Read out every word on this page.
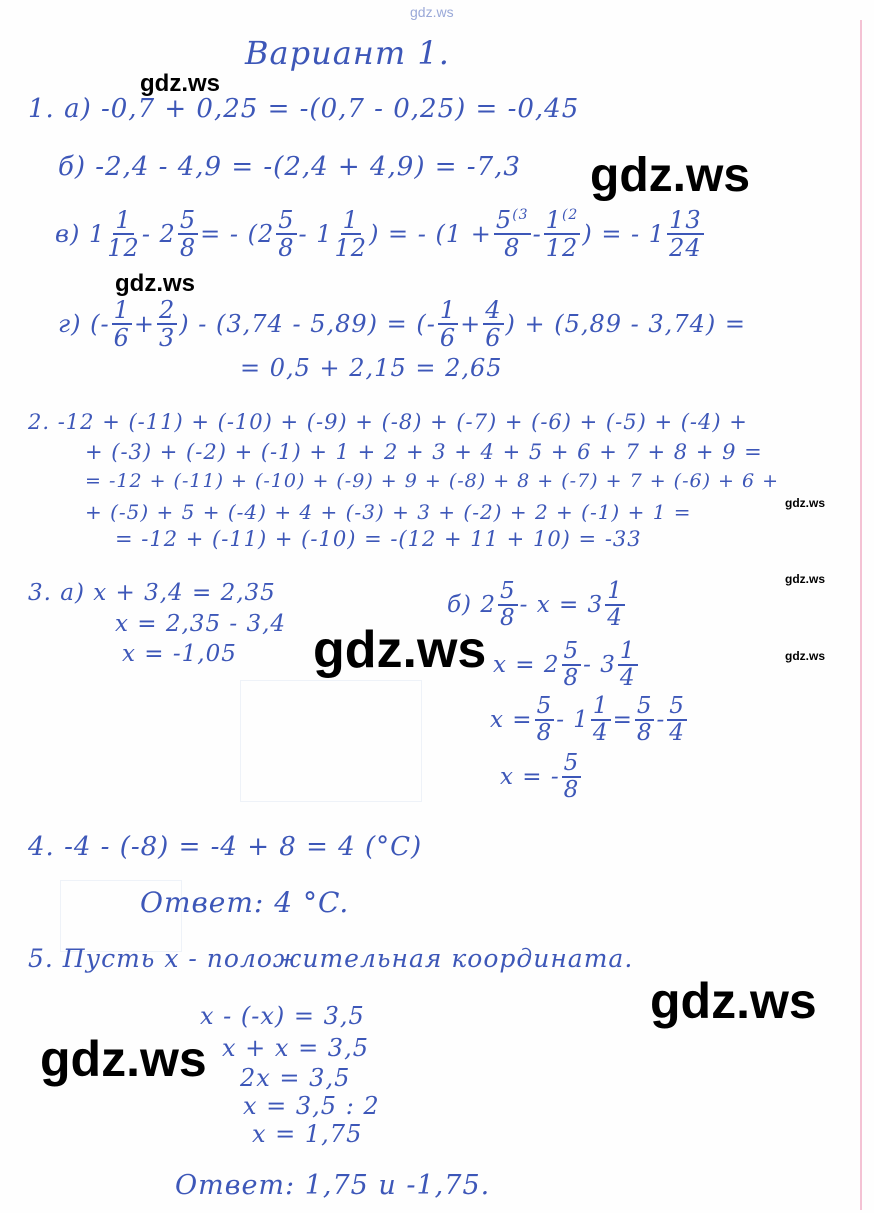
gdz.ws
gdz.ws
gdz.ws
gdz.ws
gdz.ws
gdz.ws
gdz.ws
gdz.ws
gdz.ws
gdz.ws
Вариант 1.
1. а) -0,7 + 0,25 = -(0,7 - 0,25) = -0,45
б) -2,4 - 4,9 = -(2,4 + 4,9) = -7,3
в)
$1 \frac{1}{12} - 2 \frac{5}{8}$ = - ($2 \frac{5}{8} - 1 \frac{1}{12}$ ) = - ($1 + \frac{5^{(3}}{8} - \frac{1^{(2}}{12}$ ) = - $1 \frac{13}{24}$
г)
(- $\frac{1}{6} + \frac{2}{3}$ ) - (3,74 - 5,89) = (- $\frac{1}{6} + \frac{4}{6}$ ) + (5,89 - 3,74) =
= 0,5 + 2,15 = 2,65
2. -12 + (-11) + (-10) + (-9) + (-8) + (-7) + (-6) + (-5) + (-4) +
+ (-3) + (-2) + (-1) + 1 + 2 + 3 + 4 + 5 + 6 + 7 + 8 + 9 =
= -12 + (-11) + (-10) + (-9) + 9 + (-8) + 8 + (-7) + 7 + (-6) + 6 +
+ (-5) + 5 + (-4) + 4 + (-3) + 3 + (-2) + 2 + (-1) + 1 =
= -12 + (-11) + (-10) = -(12 + 11 + 10) = -33
3. а) x + 3,4 = 2,35
x = 2,35 - 3,4
x = -1,05
б)
$2 \frac{5}{8} - x = 3 \frac{1}{4}$
$x = 2 \frac{5}{8} - 3 \frac{1}{4}$
$x = \frac{5}{8} - 1 \frac{1}{4} = \frac{5}{8} - \frac{5}{4}$
x = - $\frac{5}{8}$
4. -4 - (-8) = -4 + 8 = 4 (°C)
Ответ: 4 °C.
5. Пусть x - положительная координата.
x - (-x) = 3,5
x + x = 3,5
2x = 3,5
x = 3,5 : 2
x = 1,75
Ответ: 1,75 и -1,75.
